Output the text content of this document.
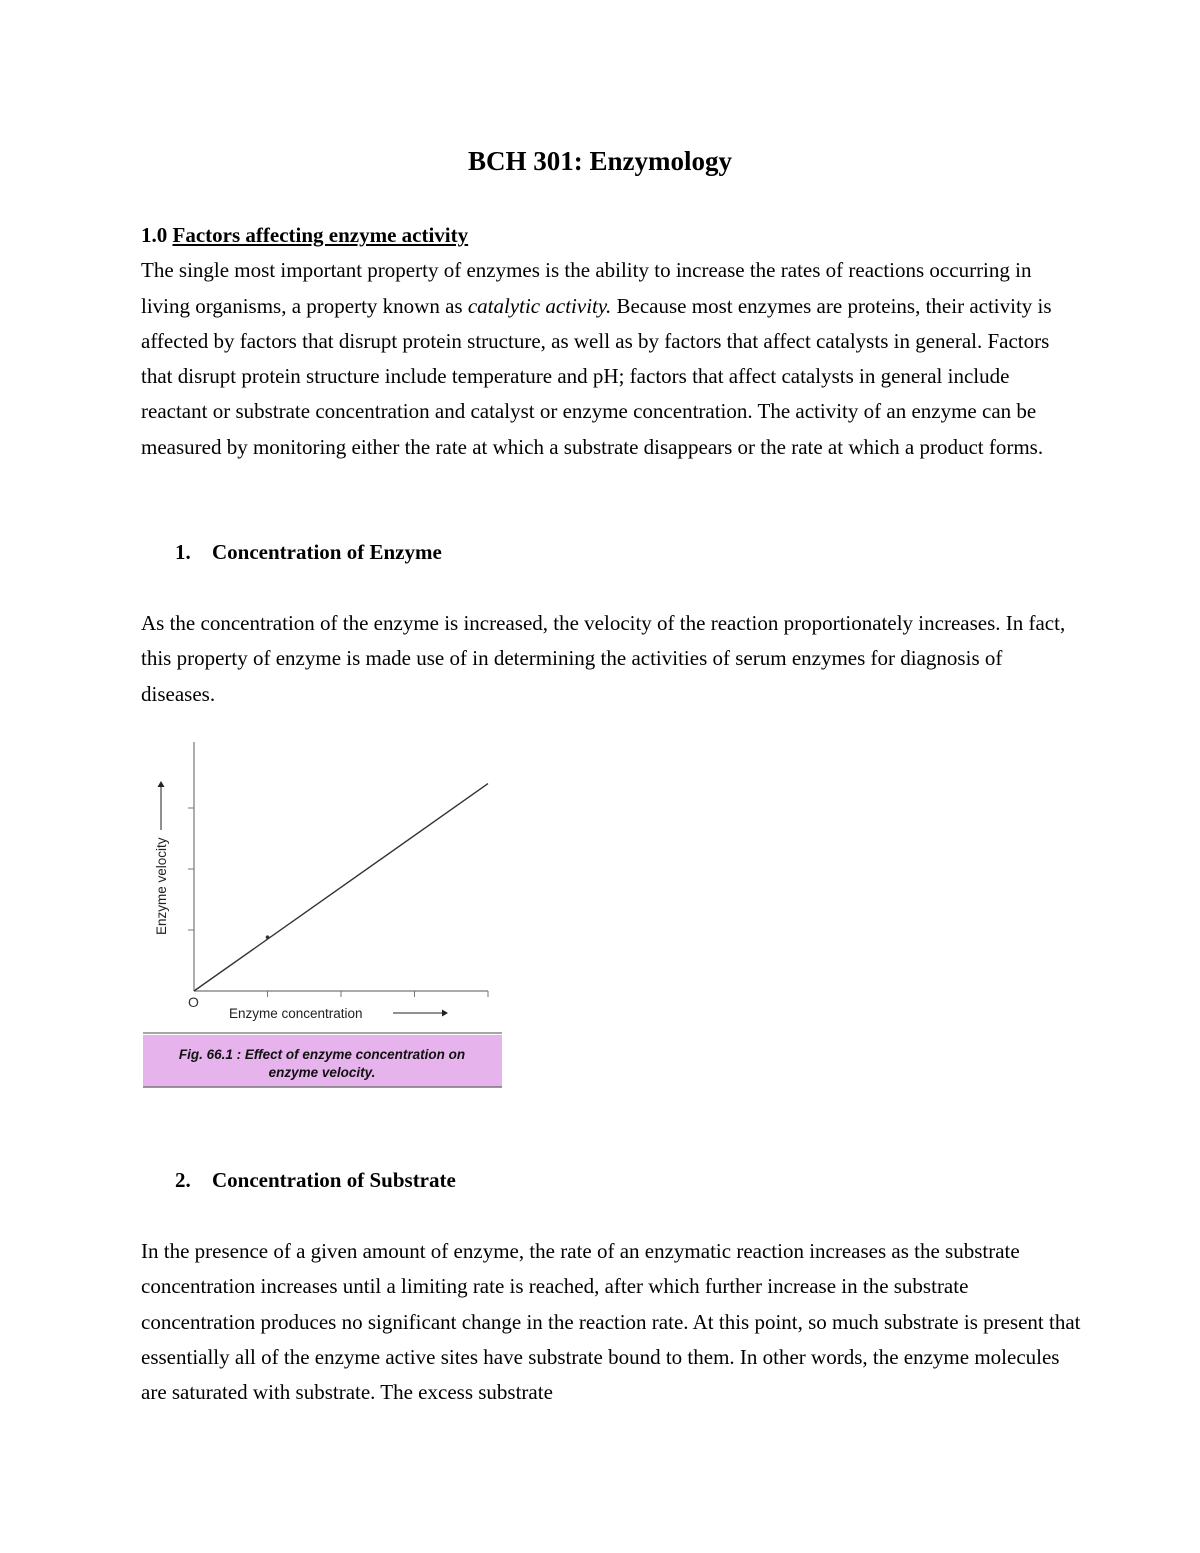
BCH 301: Enzymology
1.0 Factors affecting enzyme activity
The single most important property of enzymes is the ability to increase the rates of reactions occurring in living organisms, a property known as catalytic activity. Because most enzymes are proteins, their activity is affected by factors that disrupt protein structure, as well as by factors that affect catalysts in general. Factors that disrupt protein structure include temperature and pH; factors that affect catalysts in general include reactant or substrate concentration and catalyst or enzyme concentration. The activity of an enzyme can be measured by monitoring either the rate at which a substrate disappears or the rate at which a product forms.
1. Concentration of Enzyme
As the concentration of the enzyme is increased, the velocity of the reaction proportionately increases. In fact, this property of enzyme is made use of in determining the activities of serum enzymes for diagnosis of diseases.
O
Enzyme concentration
Enzyme velocity
Fig. 66.1 : Effect of enzyme concentration on
enzyme velocity.
2. Concentration of Substrate
In the presence of a given amount of enzyme, the rate of an enzymatic reaction increases as the substrate concentration increases until a limiting rate is reached, after which further increase in the substrate concentration produces no significant change in the reaction rate. At this point, so much substrate is present that essentially all of the enzyme active sites have substrate bound to them. In other words, the enzyme molecules are saturated with substrate. The excess substrate
